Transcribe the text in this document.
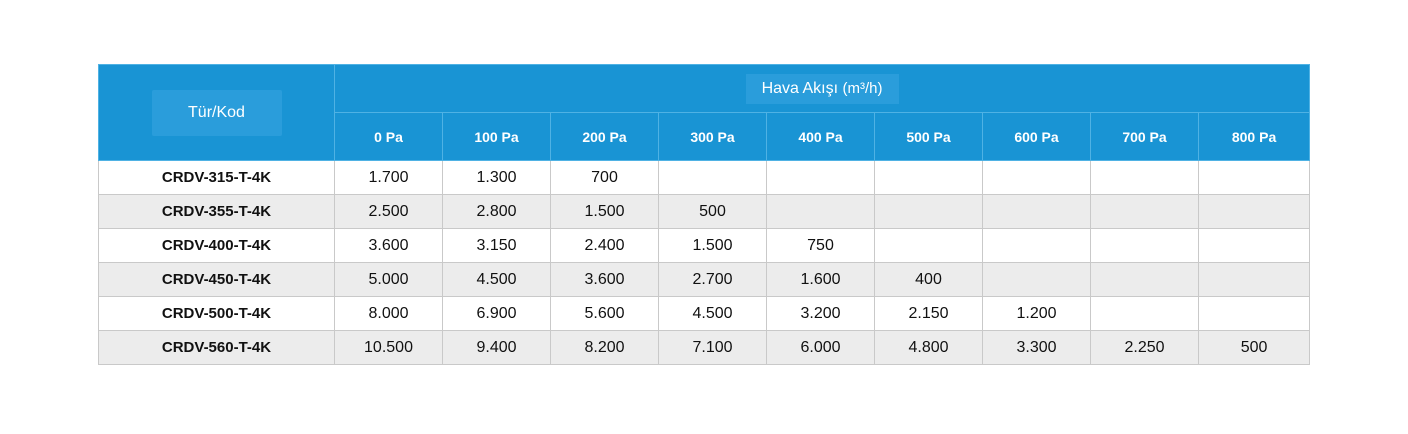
Tür/Kod	Hava Akışı (m³/h)								
	0 Pa	100 Pa	200 Pa	300 Pa	400 Pa	500 Pa	600 Pa	700 Pa	800 Pa
CRDV-315-T-4K	1.700	1.300	700						
CRDV-355-T-4K	2.500	2.800	1.500	500					
CRDV-400-T-4K	3.600	3.150	2.400	1.500	750				
CRDV-450-T-4K	5.000	4.500	3.600	2.700	1.600	400			
CRDV-500-T-4K	8.000	6.900	5.600	4.500	3.200	2.150	1.200		
CRDV-560-T-4K	10.500	9.400	8.200	7.100	6.000	4.800	3.300	2.250	500
